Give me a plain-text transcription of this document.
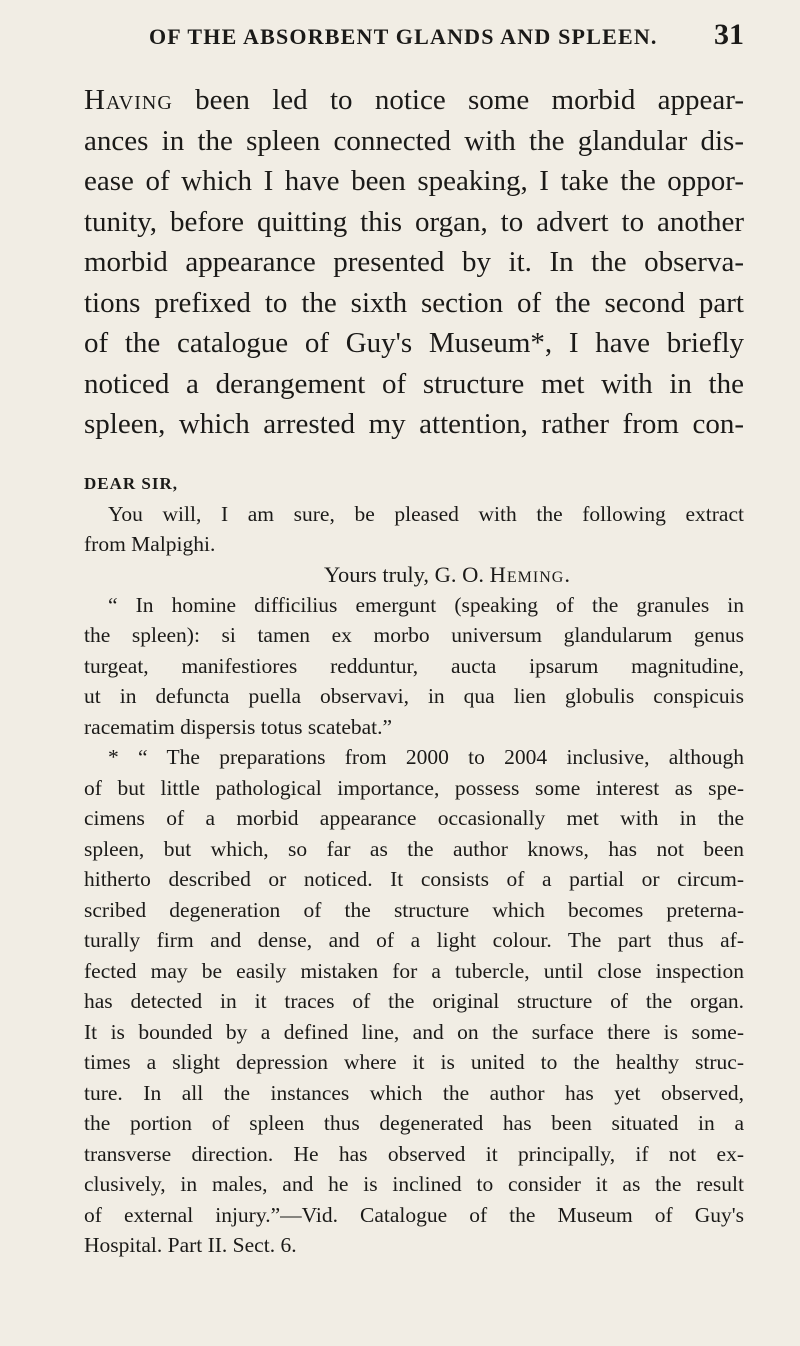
OF THE ABSORBENT GLANDS AND SPLEEN. 31
Having been led to notice some morbid appear-
ances in the spleen connected with the glandular dis-
ease of which I have been speaking, I take the oppor-
tunity, before quitting this organ, to advert to another
morbid appearance presented by it. In the observa-
tions prefixed to the sixth section of the second part
of the catalogue of Guy's Museum*, I have briefly
noticed a derangement of structure met with in the
spleen, which arrested my attention, rather from con-
DEAR SIR,
You will, I am sure, be pleased with the following extract
from Malpighi.
Yours truly, G. O. Heming.
“ In homine difficilius emergunt (speaking of the granules in
the spleen): si tamen ex morbo universum glandularum genus
turgeat, manifestiores redduntur, aucta ipsarum magnitudine,
ut in defuncta puella observavi, in qua lien globulis conspicuis
racematim dispersis totus scatebat.”
* “ The preparations from 2000 to 2004 inclusive, although
of but little pathological importance, possess some interest as spe-
cimens of a morbid appearance occasionally met with in the
spleen, but which, so far as the author knows, has not been
hitherto described or noticed. It consists of a partial or circum-
scribed degeneration of the structure which becomes preterna-
turally firm and dense, and of a light colour. The part thus af-
fected may be easily mistaken for a tubercle, until close inspection
has detected in it traces of the original structure of the organ.
It is bounded by a defined line, and on the surface there is some-
times a slight depression where it is united to the healthy struc-
ture. In all the instances which the author has yet observed,
the portion of spleen thus degenerated has been situated in a
transverse direction. He has observed it principally, if not ex-
clusively, in males, and he is inclined to consider it as the result
of external injury.”—Vid. Catalogue of the Museum of Guy's
Hospital. Part II. Sect. 6.
